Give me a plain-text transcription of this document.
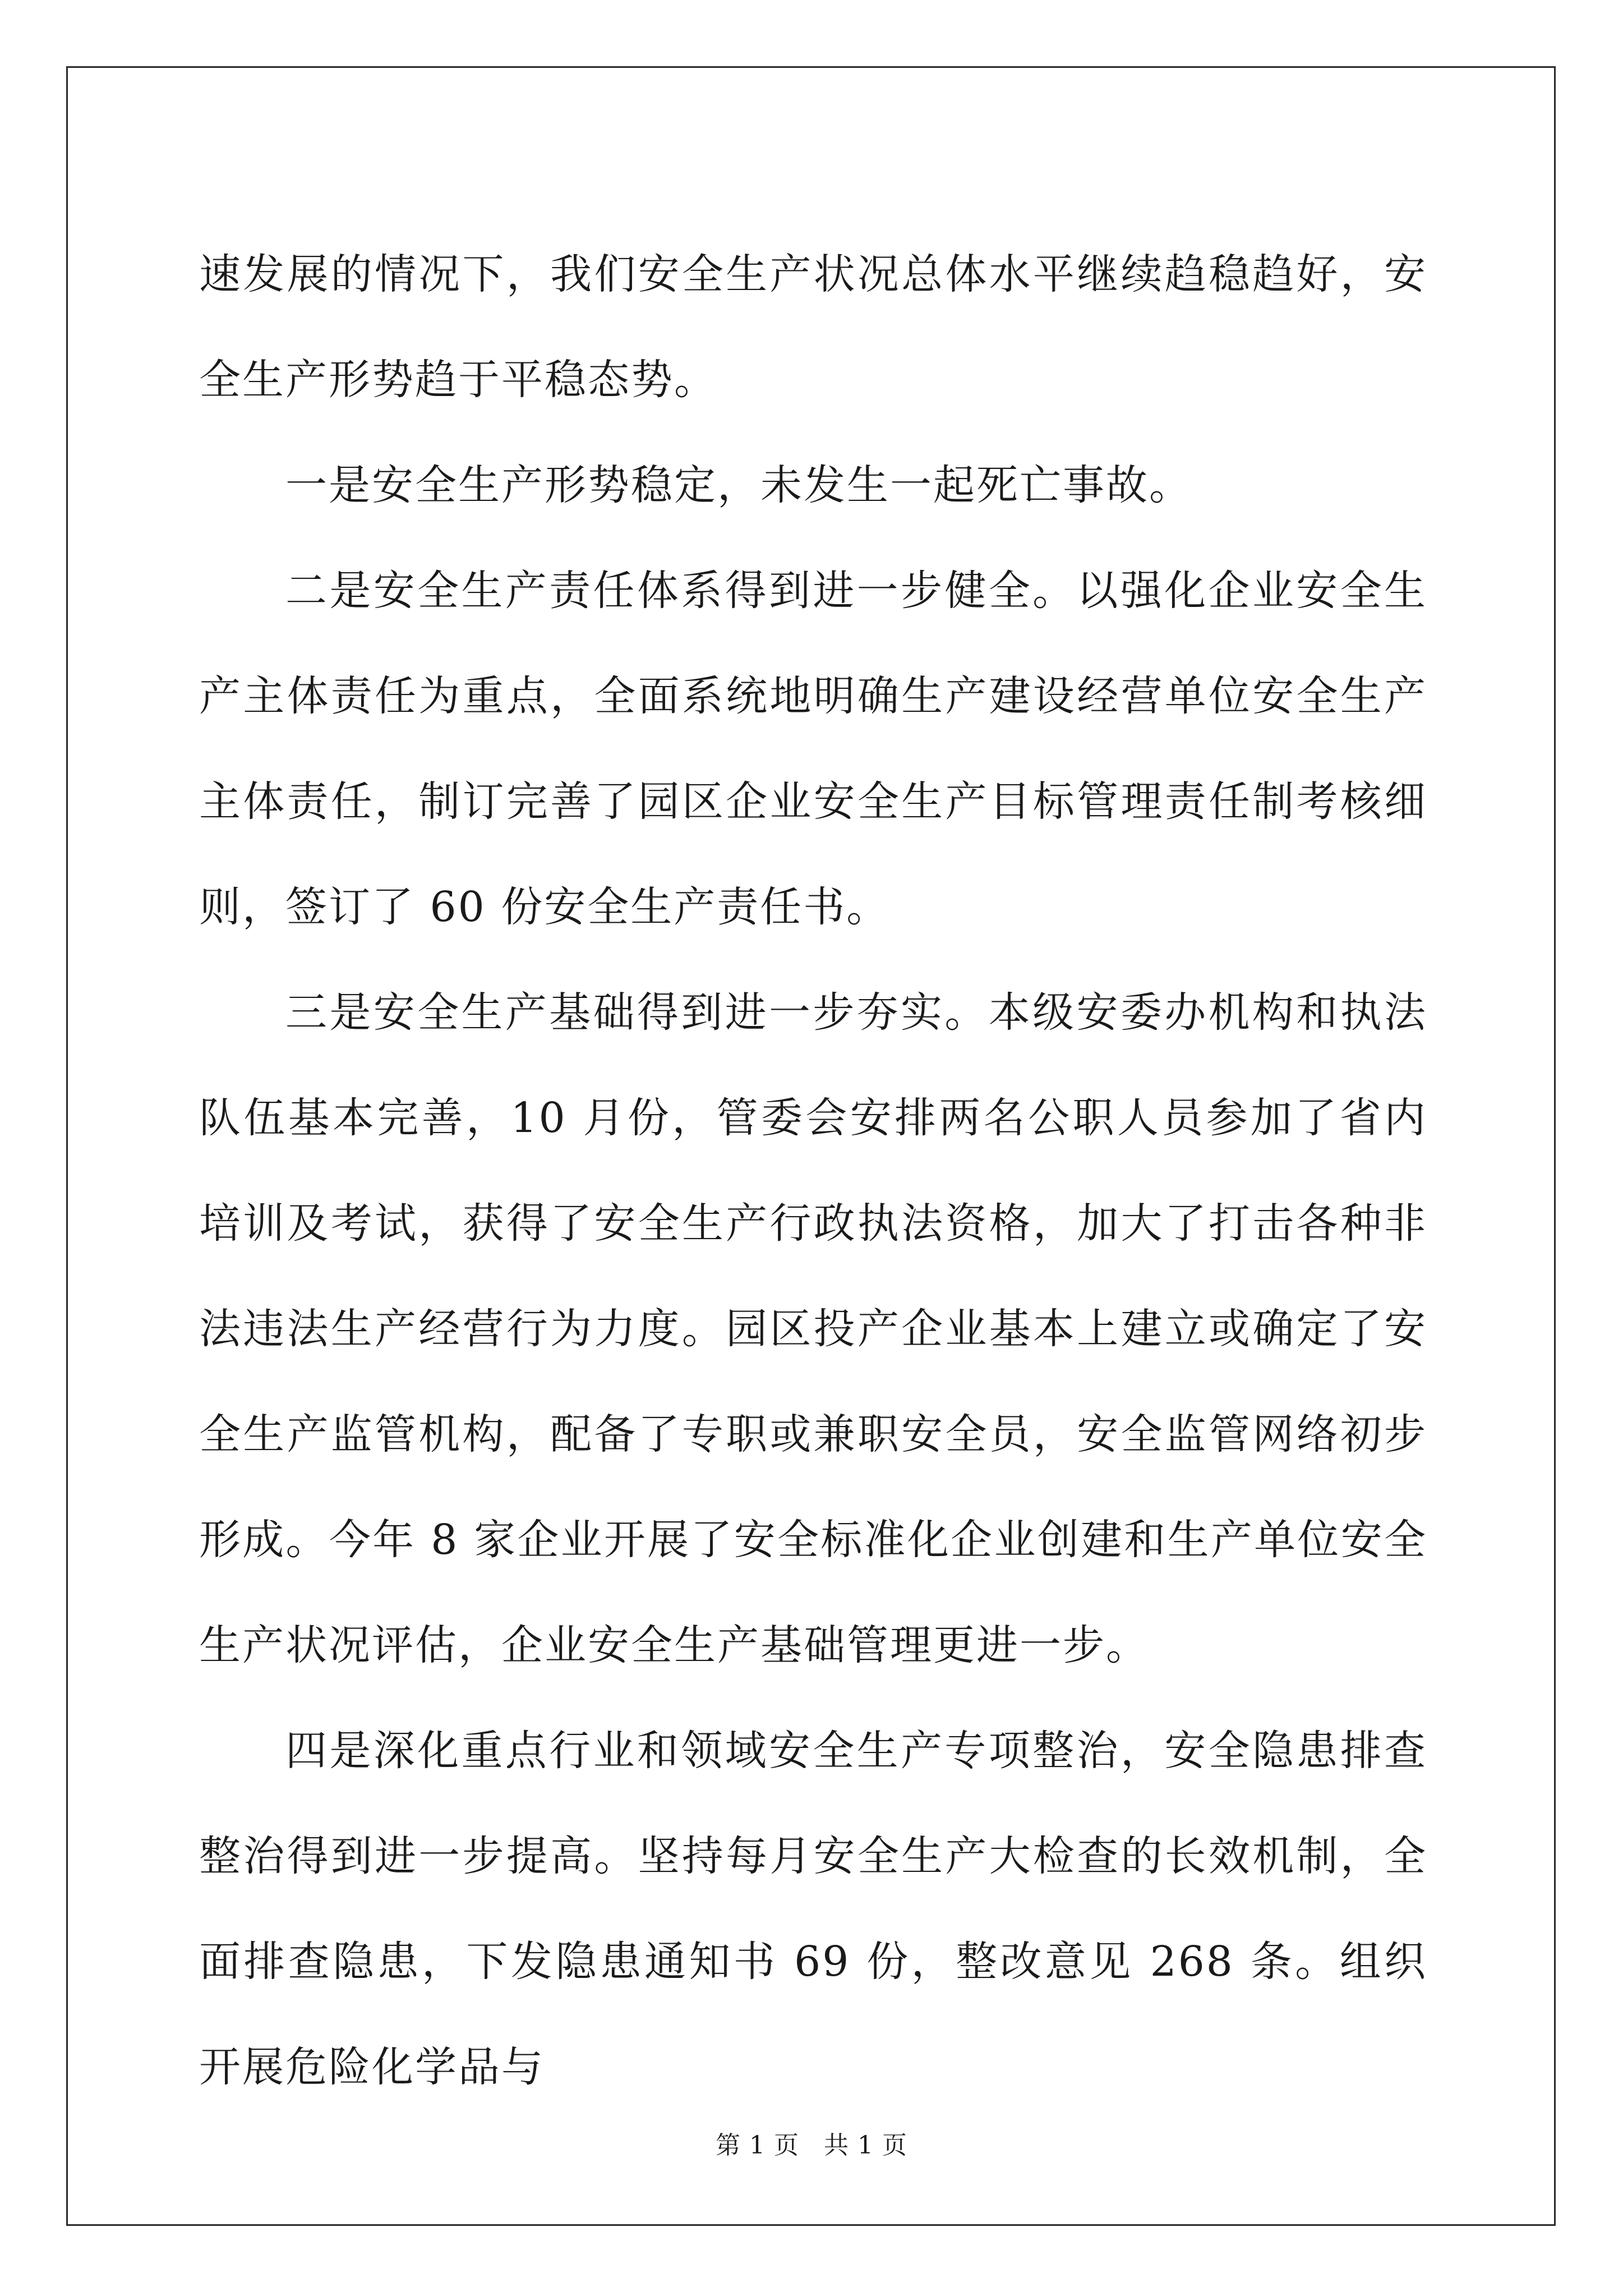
速发展的情况下，我们安全生产状况总体水平继续趋稳趋好，安全生产形势趋于平稳态势。

一是安全生产形势稳定，未发生一起死亡事故。

二是安全生产责任体系得到进一步健全。以强化企业安全生产主体责任为重点，全面系统地明确生产建设经营单位安全生产主体责任，制订完善了园区企业安全生产目标管理责任制考核细则，签订了 60 份安全生产责任书。

三是安全生产基础得到进一步夯实。本级安委办机构和执法队伍基本完善，10 月份，管委会安排两名公职人员参加了省内培训及考试，获得了安全生产行政执法资格，加大了打击各种非法违法生产经营行为力度。园区投产企业基本上建立或确定了安全生产监管机构，配备了专职或兼职安全员，安全监管网络初步形成。今年 8 家企业开展了安全标准化企业创建和生产单位安全生产状况评估，企业安全生产基础管理更进一步。

四是深化重点行业和领域安全生产专项整治，安全隐患排查整治得到进一步提高。坚持每月安全生产大检查的长效机制，全面排查隐患，下发隐患通知书 69 份，整改意见 268 条。组织开展危险化学品与

第 1 页 共 1 页
